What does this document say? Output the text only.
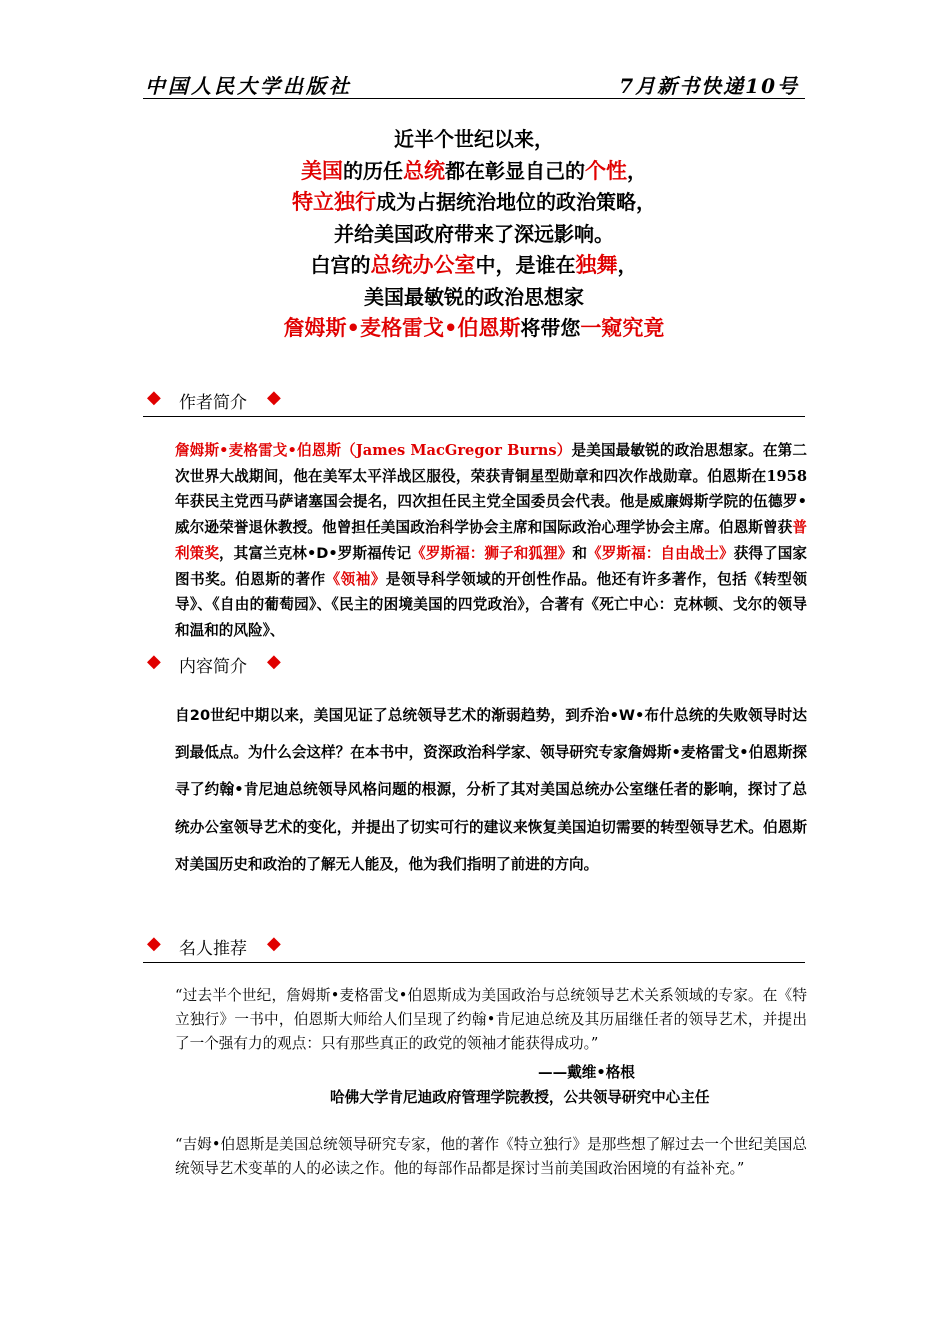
中国人民大学出版社	7月新书快递10号
近半个世纪以来，
美国的历任总统都在彰显自己的个性，
特立独行成为占据统治地位的政治策略，
并给美国政府带来了深远影响。
白宫的总统办公室中，是谁在独舞，
美国最敏锐的政治思想家
詹姆斯•麦格雷戈•伯恩斯将带您一窥究竟
◆ 作者简介 ◆
詹姆斯•麦格雷戈•伯恩斯（James MacGregor Burns）是美国最敏锐的政治思想家。在第二次世界大战期间，他在美军太平洋战区服役，荣获青铜星型勋章和四次作战勋章。伯恩斯在1958年获民主党西马萨诸塞国会提名，四次担任民主党全国委员会代表。他是威廉姆斯学院的伍德罗•威尔逊荣誉退休教授。他曾担任美国政治科学协会主席和国际政治心理学协会主席。伯恩斯曾获普利策奖，其富兰克林•D•罗斯福传记《罗斯福：狮子和狐狸》和《罗斯福：自由战士》获得了国家图书奖。伯恩斯的著作《领袖》是领导科学领域的开创性作品。他还有许多著作，包括《转型领导》、《自由的葡萄园》、《民主的困境美国的四党政治》，合著有《死亡中心：克林顿、戈尔的领导和温和的风险》、
◆ 内容简介 ◆
自20世纪中期以来，美国见证了总统领导艺术的渐弱趋势，到乔治•W•布什总统的失败领导时达到最低点。为什么会这样？在本书中，资深政治科学家、领导研究专家詹姆斯•麦格雷戈•伯恩斯探寻了约翰•肯尼迪总统领导风格问题的根源，分析了其对美国总统办公室继任者的影响，探讨了总统办公室领导艺术的变化，并提出了切实可行的建议来恢复美国迫切需要的转型领导艺术。伯恩斯对美国历史和政治的了解无人能及，他为我们指明了前进的方向。
◆ 名人推荐 ◆
“过去半个世纪，詹姆斯•麦格雷戈•伯恩斯成为美国政治与总统领导艺术关系领域的专家。在《特立独行》一书中，伯恩斯大师给人们呈现了约翰•肯尼迪总统及其历届继任者的领导艺术，并提出了一个强有力的观点：只有那些真正的政党的领袖才能获得成功。”
——戴维•格根
哈佛大学肯尼迪政府管理学院教授，公共领导研究中心主任
“吉姆•伯恩斯是美国总统领导研究专家，他的著作《特立独行》是那些想了解过去一个世纪美国总统领导艺术变革的人的必读之作。他的每部作品都是探讨当前美国政治困境的有益补充。”
